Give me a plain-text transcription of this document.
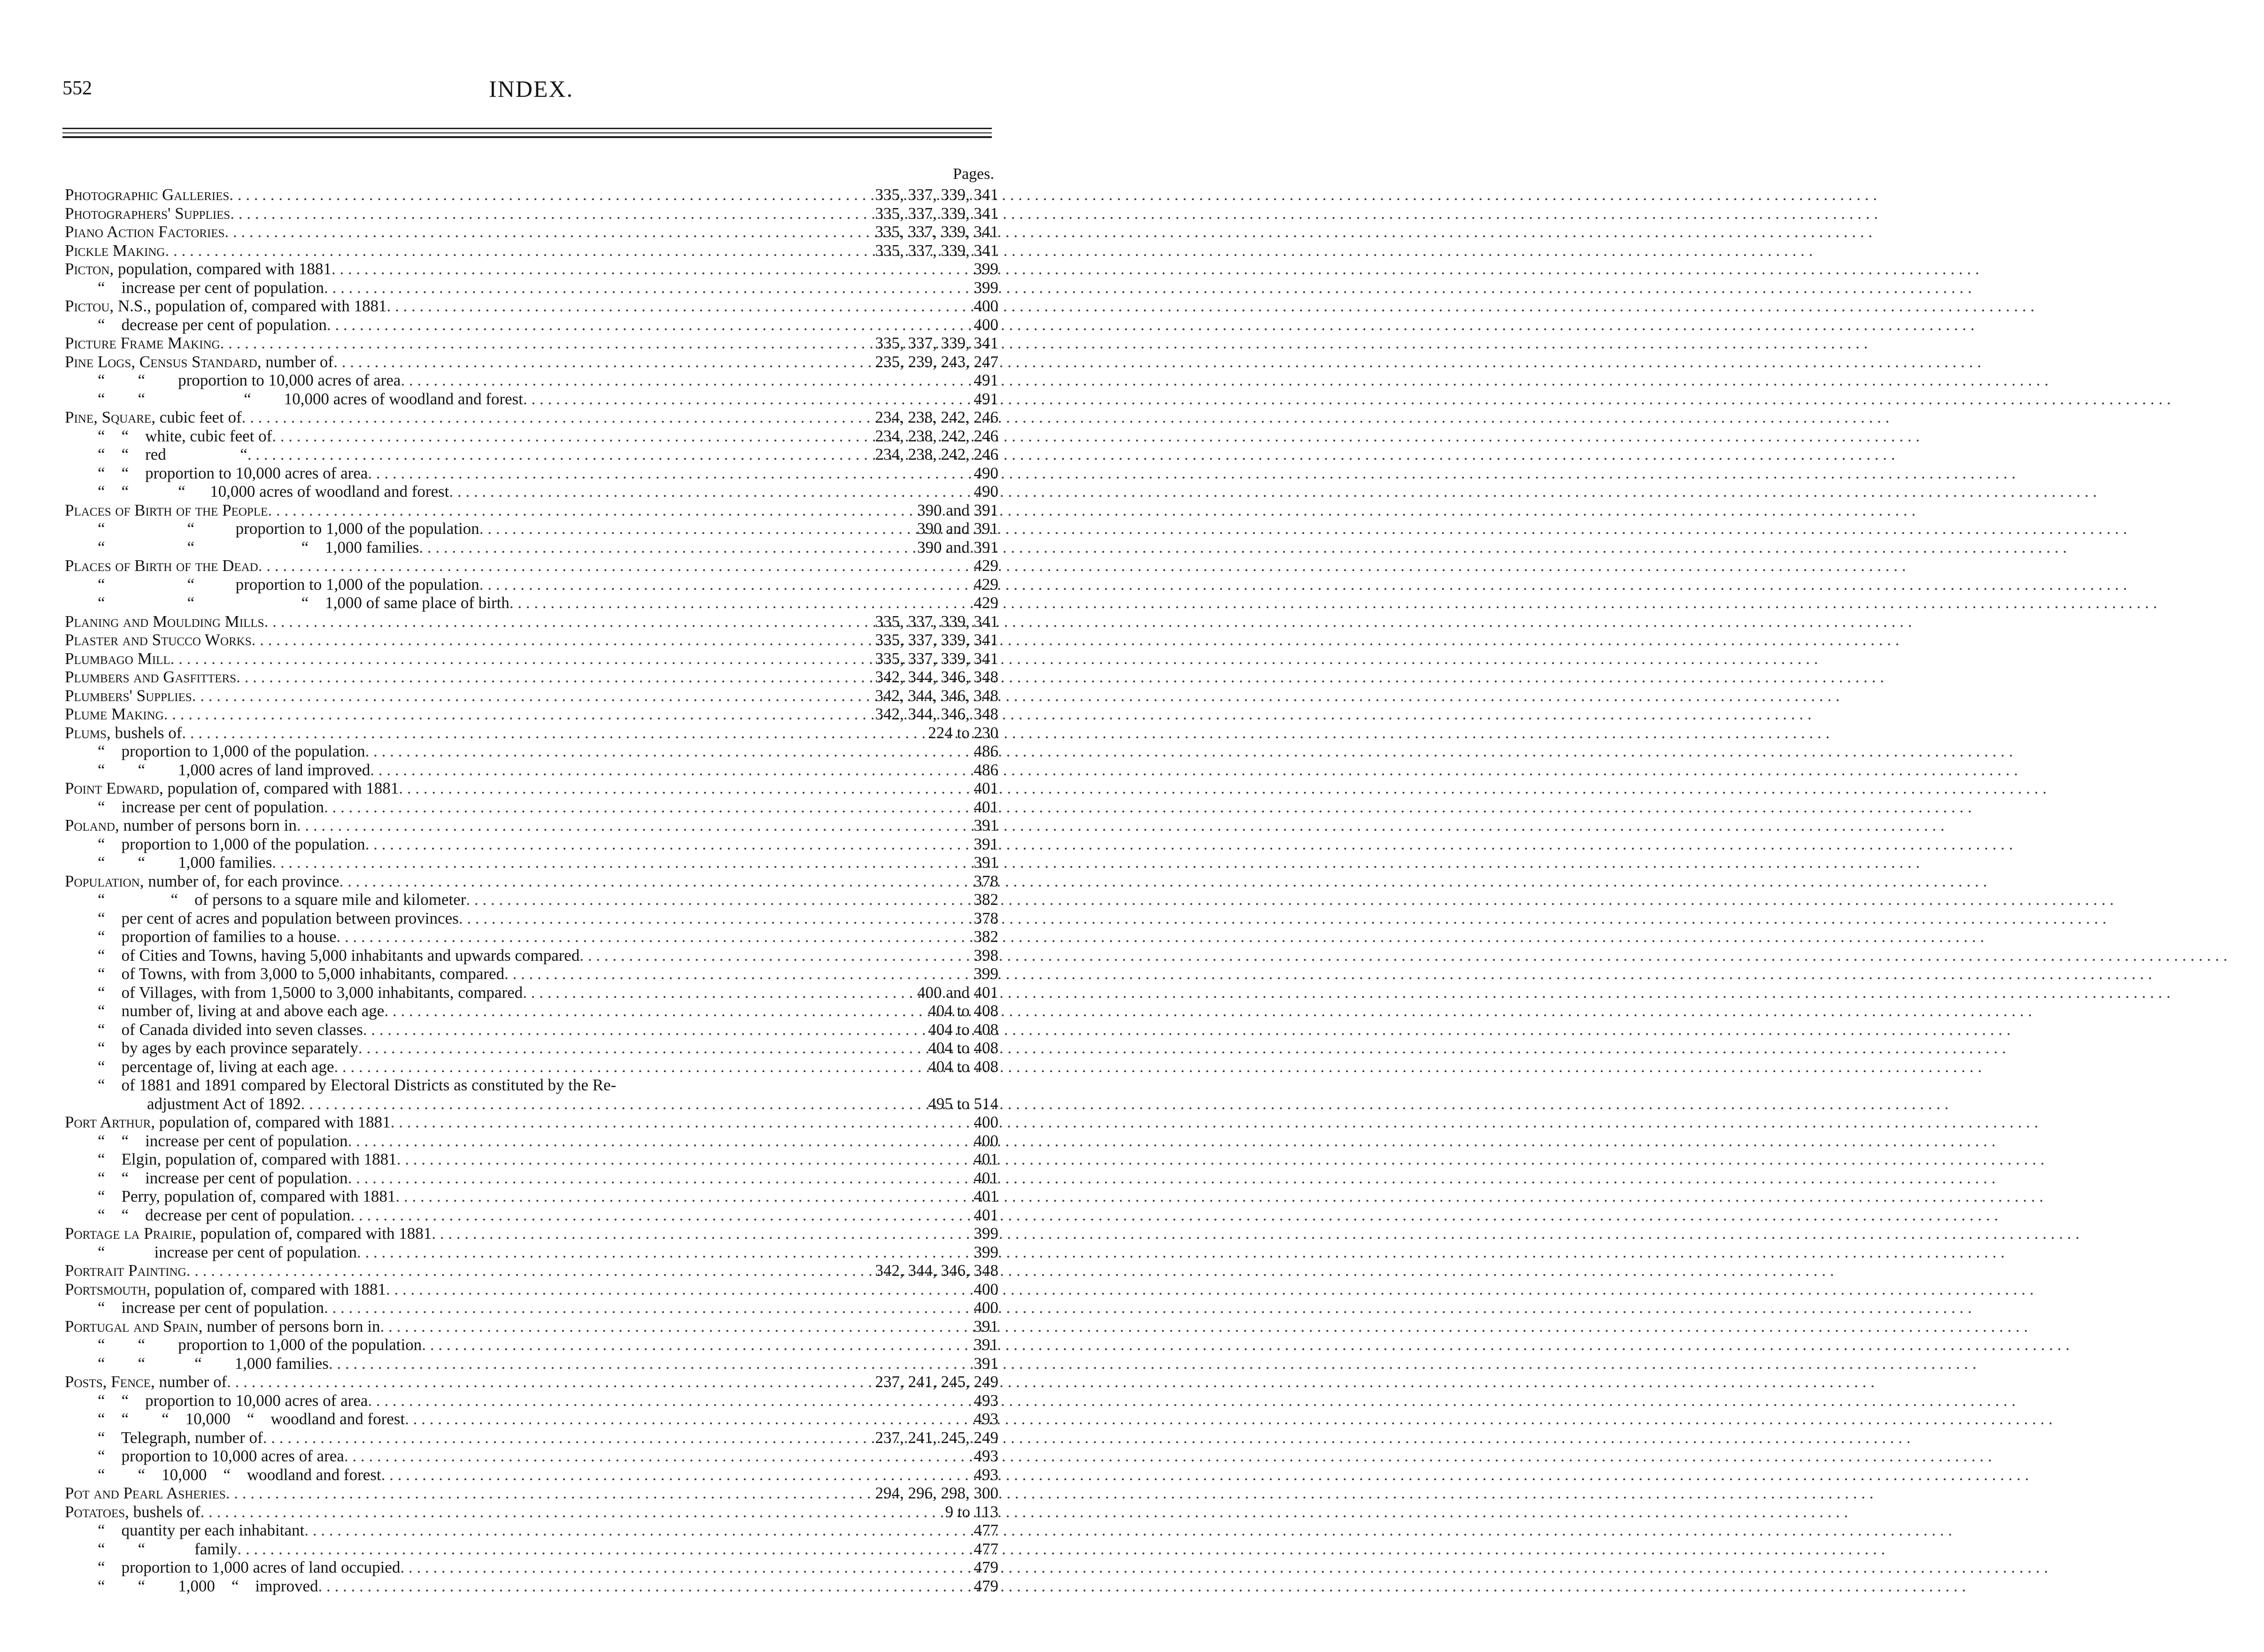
552	INDEX.
Pages.
Photographic Galleries . . .	335, 337, 339, 341
Photographers' Supplies . . .	335, 337, 339, 341
Piano Action Factories . . .	335, 337, 339, 341
Pickle Making . . .	335, 337, 339, 341
Picton, population, compared with 1881 . . .	399
“    increase per cent of population . . .	399
Pictou, N.S., population of, compared with 1881 . . .	400
“    decrease per cent of population . . .	400
Picture Frame Making . . .	335, 337, 339, 341
Pine Logs, Census Standard, number of . . .	235, 239, 243, 247
“        “        proportion to 10,000 acres of area . . .	491
“        “                        “        10,000 acres of woodland and forest . . .	491
Pine, Square, cubic feet of . . .	234, 238, 242, 246
“    “    white, cubic feet of . . .	234, 238, 242, 246
“    “    red                  “ . . .	234, 238, 242, 246
“    “    proportion to 10,000 acres of area . . .	490
“    “            “      10,000 acres of woodland and forest . . .	490
Places of Birth of the People . . .	390 and 391
“                    “          proportion to 1,000 of the population . . .	390 and 391
“                    “                          “    1,000 families . . .	390 and 391
Places of Birth of the Dead . . .	429
“                    “          proportion to 1,000 of the population . . .	429
“                    “                          “    1,000 of same place of birth . . .	429
Planing and Moulding Mills . . .	335, 337, 339, 341
Plaster and Stucco Works . . .	335, 337, 339, 341
Plumbago Mill . . .	335, 337, 339, 341
Plumbers and Gasfitters . . .	342, 344, 346, 348
Plumbers' Supplies . . .	342, 344, 346, 348
Plume Making . . .	342, 344, 346, 348
Plums, bushels of . . .	224 to 230
“    proportion to 1,000 of the population . . .	486
“        “        1,000 acres of land improved . . .	486
Point Edward, population of, compared with 1881 . . .	401
“    increase per cent of population . . .	401
Poland, number of persons born in . . .	391
“    proportion to 1,000 of the population . . .	391
“        “        1,000 families . . .	391
Population, number of, for each province . . .	378
“                “    of persons to a square mile and kilometer . . .	382
“    per cent of acres and population between provinces . . .	378
“    proportion of families to a house . . .	382
“    of Cities and Towns, having 5,000 inhabitants and upwards compared . . .	398
“    of Towns, with from 3,000 to 5,000 inhabitants, compared . . .	399
“    of Villages, with from 1,5000 to 3,000 inhabitants, compared . . .	400 and 401
“    number of, living at and above each age . . .	404 to 408
“    of Canada divided into seven classes . . .	404 to 408
“    by ages by each province separately . . .	404 to 408
“    percentage of, living at each age . . .	404 to 408
“    of 1881 and 1891 compared by Electoral Districts as constituted by the Re-
adjustment Act of 1892 . . .	495 to 514
Port Arthur, population of, compared with 1881 . . .	400
“    “    increase per cent of population . . .	400
“    Elgin, population of, compared with 1881 . . .	401
“    “    increase per cent of population . . .	401
“    Perry, population of, compared with 1881 . . .	401
“    “    decrease per cent of population . . .	401
Portage la Prairie, population of, compared with 1881 . . .	399
“            increase per cent of population . . .	399
Portrait Painting . . .	342, 344, 346, 348
Portsmouth, population of, compared with 1881 . . .	400
“    increase per cent of population . . .	400
Portugal and Spain, number of persons born in . . .	391
“        “        proportion to 1,000 of the population . . .	391
“        “            “        1,000 families . . .	391
Posts, Fence, number of . . .	237, 241, 245, 249
“    “    proportion to 10,000 acres of area . . .	493
“    “        “    10,000    “    woodland and forest . . .	493
“    Telegraph, number of . . .	237, 241, 245, 249
“    proportion to 10,000 acres of area . . .	493
“        “    10,000    “    woodland and forest . . .	493
Pot and Pearl Asheries . . .	294, 296, 298, 300
Potatoes, bushels of . . .	9 to 113
“    quantity per each inhabitant . . .	477
“        “            family . . .	477
“    proportion to 1,000 acres of land occupied . . .	479
“        “        1,000    “    improved . . .	479
